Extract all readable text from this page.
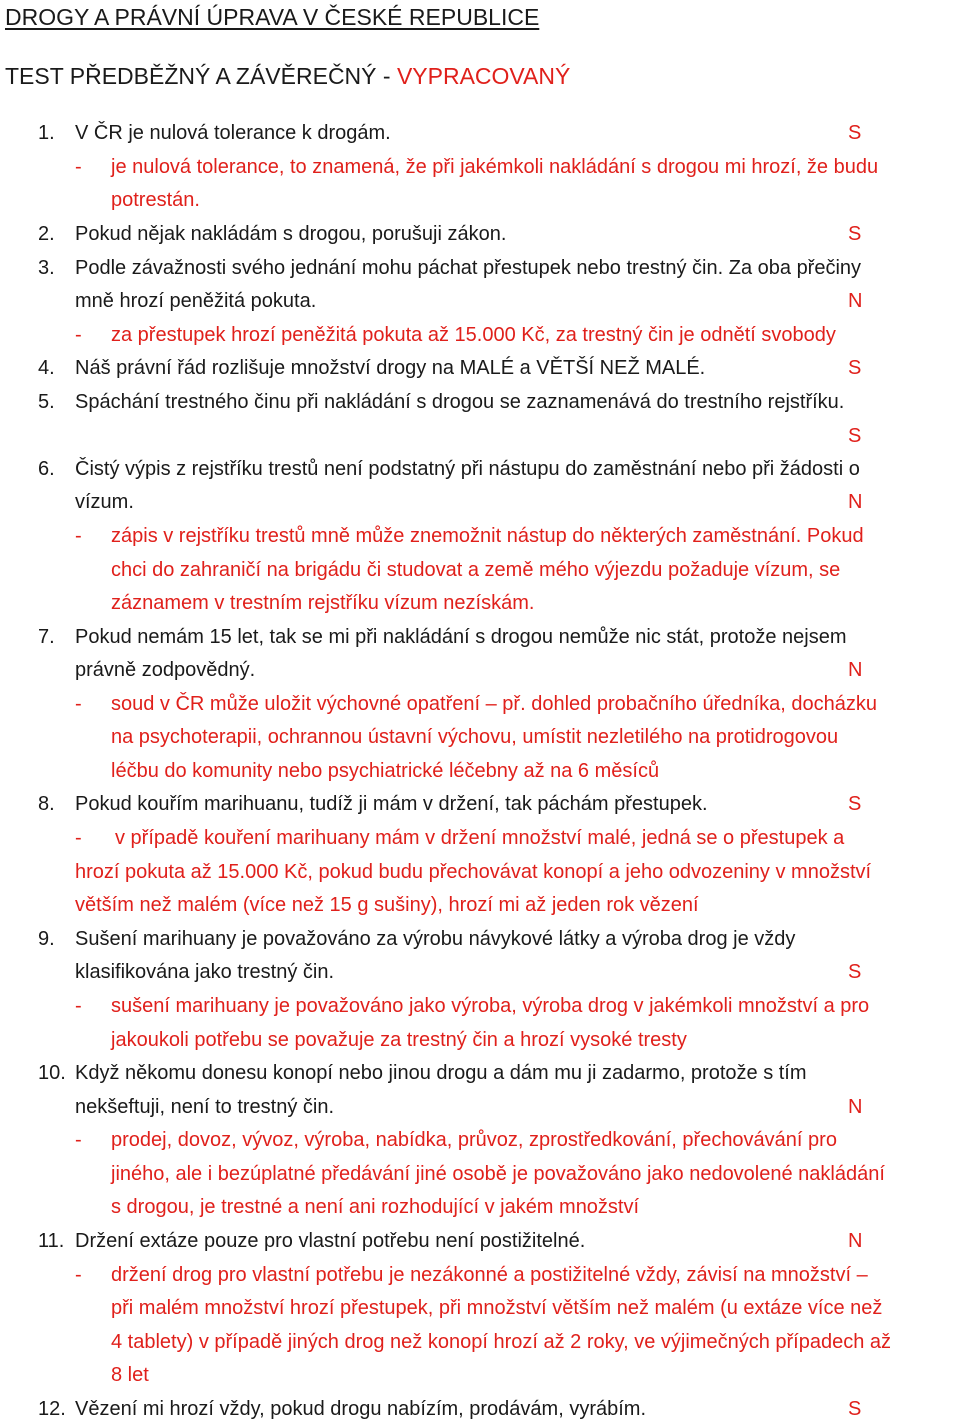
DROGY A PRÁVNÍ ÚPRAVA V ČESKÉ REPUBLICE
TEST PŘEDBĚŽNÝ A ZÁVĚREČNÝ - VYPRACOVANÝ
1. V ČR je nulová tolerance k drogám.	S
- je nulová tolerance, to znamená, že při jakémkoli nakládání s drogou mi hrozí, že budu
potrestán.
2. Pokud nějak nakládám s drogou, porušuji zákon.	S
3. Podle závažnosti svého jednání mohu páchat přestupek nebo trestný čin. Za oba přečiny
mně hrozí peněžitá pokuta.	N
- za přestupek hrozí peněžitá pokuta až 15.000 Kč, za trestný čin je odnětí svobody
4. Náš právní řád rozlišuje množství drogy na MALÉ a VĚTŠÍ NEŽ MALÉ.	S
5. Spáchání trestného činu při nakládání s drogou se zaznamenává do trestního rejstříku.
S
6. Čistý výpis z rejstříku trestů není podstatný při nástupu do zaměstnání nebo při žádosti o
vízum.	N
- zápis v rejstříku trestů mně může znemožnit nástup do některých zaměstnání. Pokud
chci do zahraničí na brigádu či studovat a země mého výjezdu požaduje vízum, se
záznamem v trestním rejstříku vízum nezískám.
7. Pokud nemám 15 let, tak se mi při nakládání s drogou nemůže nic stát, protože nejsem
právně zodpovědný.	N
- soud v ČR může uložit výchovné opatření – př. dohled probačního úředníka, docházku
na psychoterapii, ochrannou ústavní výchovu, umístit nezletilého na protidrogovou
léčbu do komunity nebo psychiatrické léčebny až na 6 měsíců
8. Pokud kouřím marihuanu, tudíž ji mám v držení, tak páchám přestupek.	S
- v případě kouření marihuany mám v držení množství malé, jedná se o přestupek a
hrozí pokuta až 15.000 Kč, pokud budu přechovávat konopí a jeho odvozeniny v množství
větším než malém (více než 15 g sušiny), hrozí mi až jeden rok vězení
9. Sušení marihuany je považováno za výrobu návykové látky a výroba drog je vždy
klasifikována jako trestný čin.	S
- sušení marihuany je považováno jako výroba, výroba drog v jakémkoli množství a pro
jakoukoli potřebu se považuje za trestný čin a hrozí vysoké tresty
10. Když někomu donesu konopí nebo jinou drogu a dám mu ji zadarmo, protože s tím
nekšeftuji, není to trestný čin.	N
- prodej, dovoz, vývoz, výroba, nabídka, průvoz, zprostředkování, přechovávání pro
jiného, ale i bezúplatné předávání jiné osobě je považováno jako nedovolené nakládání
s drogou, je trestné a není ani rozhodující v jakém množství
11. Držení extáze pouze pro vlastní potřebu není postižitelné.	N
- držení drog pro vlastní potřebu je nezákonné a postižitelné vždy, závisí na množství –
při malém množství hrozí přestupek, při množství větším než malém (u extáze více než
4 tablety) v případě jiných drog než konopí hrozí až 2 roky, ve výjimečných případech až
8 let
12. Vězení mi hrozí vždy, pokud drogu nabízím, prodávám, vyrábím.	S
